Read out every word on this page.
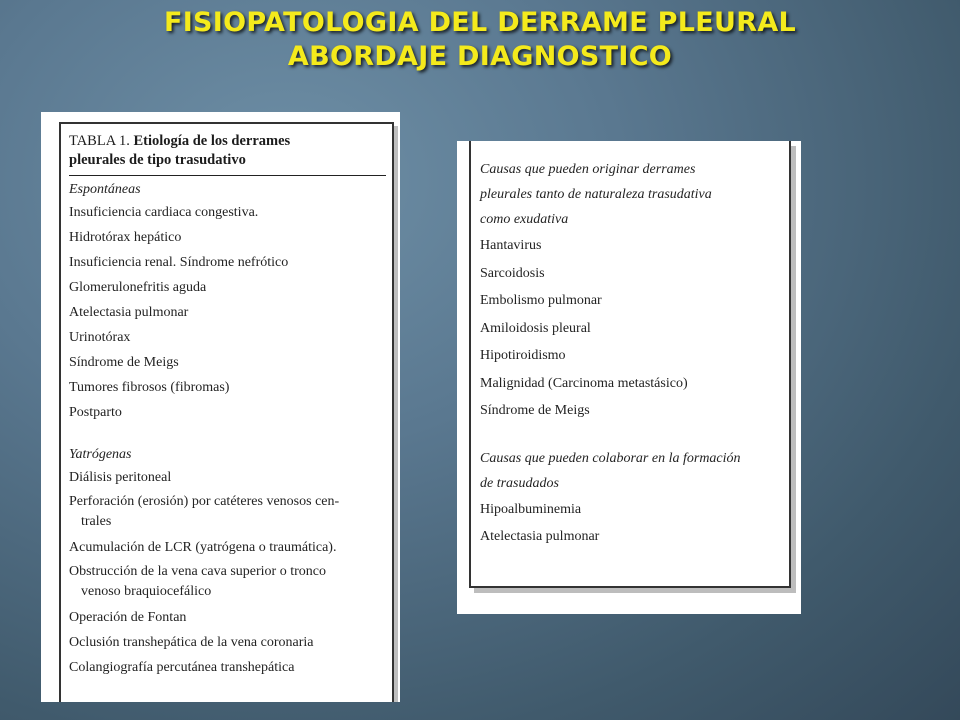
FISIOPATOLOGIA DEL DERRAME PLEURAL
ABORDAJE DIAGNOSTICO

TABLA 1. Etiología de los derrames
pleurales de tipo trasudativo

Espontáneas
Insuficiencia cardiaca congestiva.
Hidrotórax hepático
Insuficiencia renal. Síndrome nefrótico
Glomerulonefritis aguda
Atelectasia pulmonar
Urinotórax
Síndrome de Meigs
Tumores fibrosos (fibromas)
Postparto
Yatrógenas
Diálisis peritoneal
Perforación (erosión) por catéteres venosos cen-
trales
Acumulación de LCR (yatrógena o traumática).
Obstrucción de la vena cava superior o tronco
venoso braquiocefálico
Operación de Fontan
Oclusión transhepática de la vena coronaria
Colangiografía percutánea transhepática
Causas que pueden originar derrames
pleurales tanto de naturaleza trasudativa
como exudativa
Hantavirus
Sarcoidosis
Embolismo pulmonar
Amiloidosis pleural
Hipotiroidismo
Malignidad (Carcinoma metastásico)
Síndrome de Meigs
Causas que pueden colaborar en la formación
de trasudados
Hipoalbuminemia
Atelectasia pulmonar
